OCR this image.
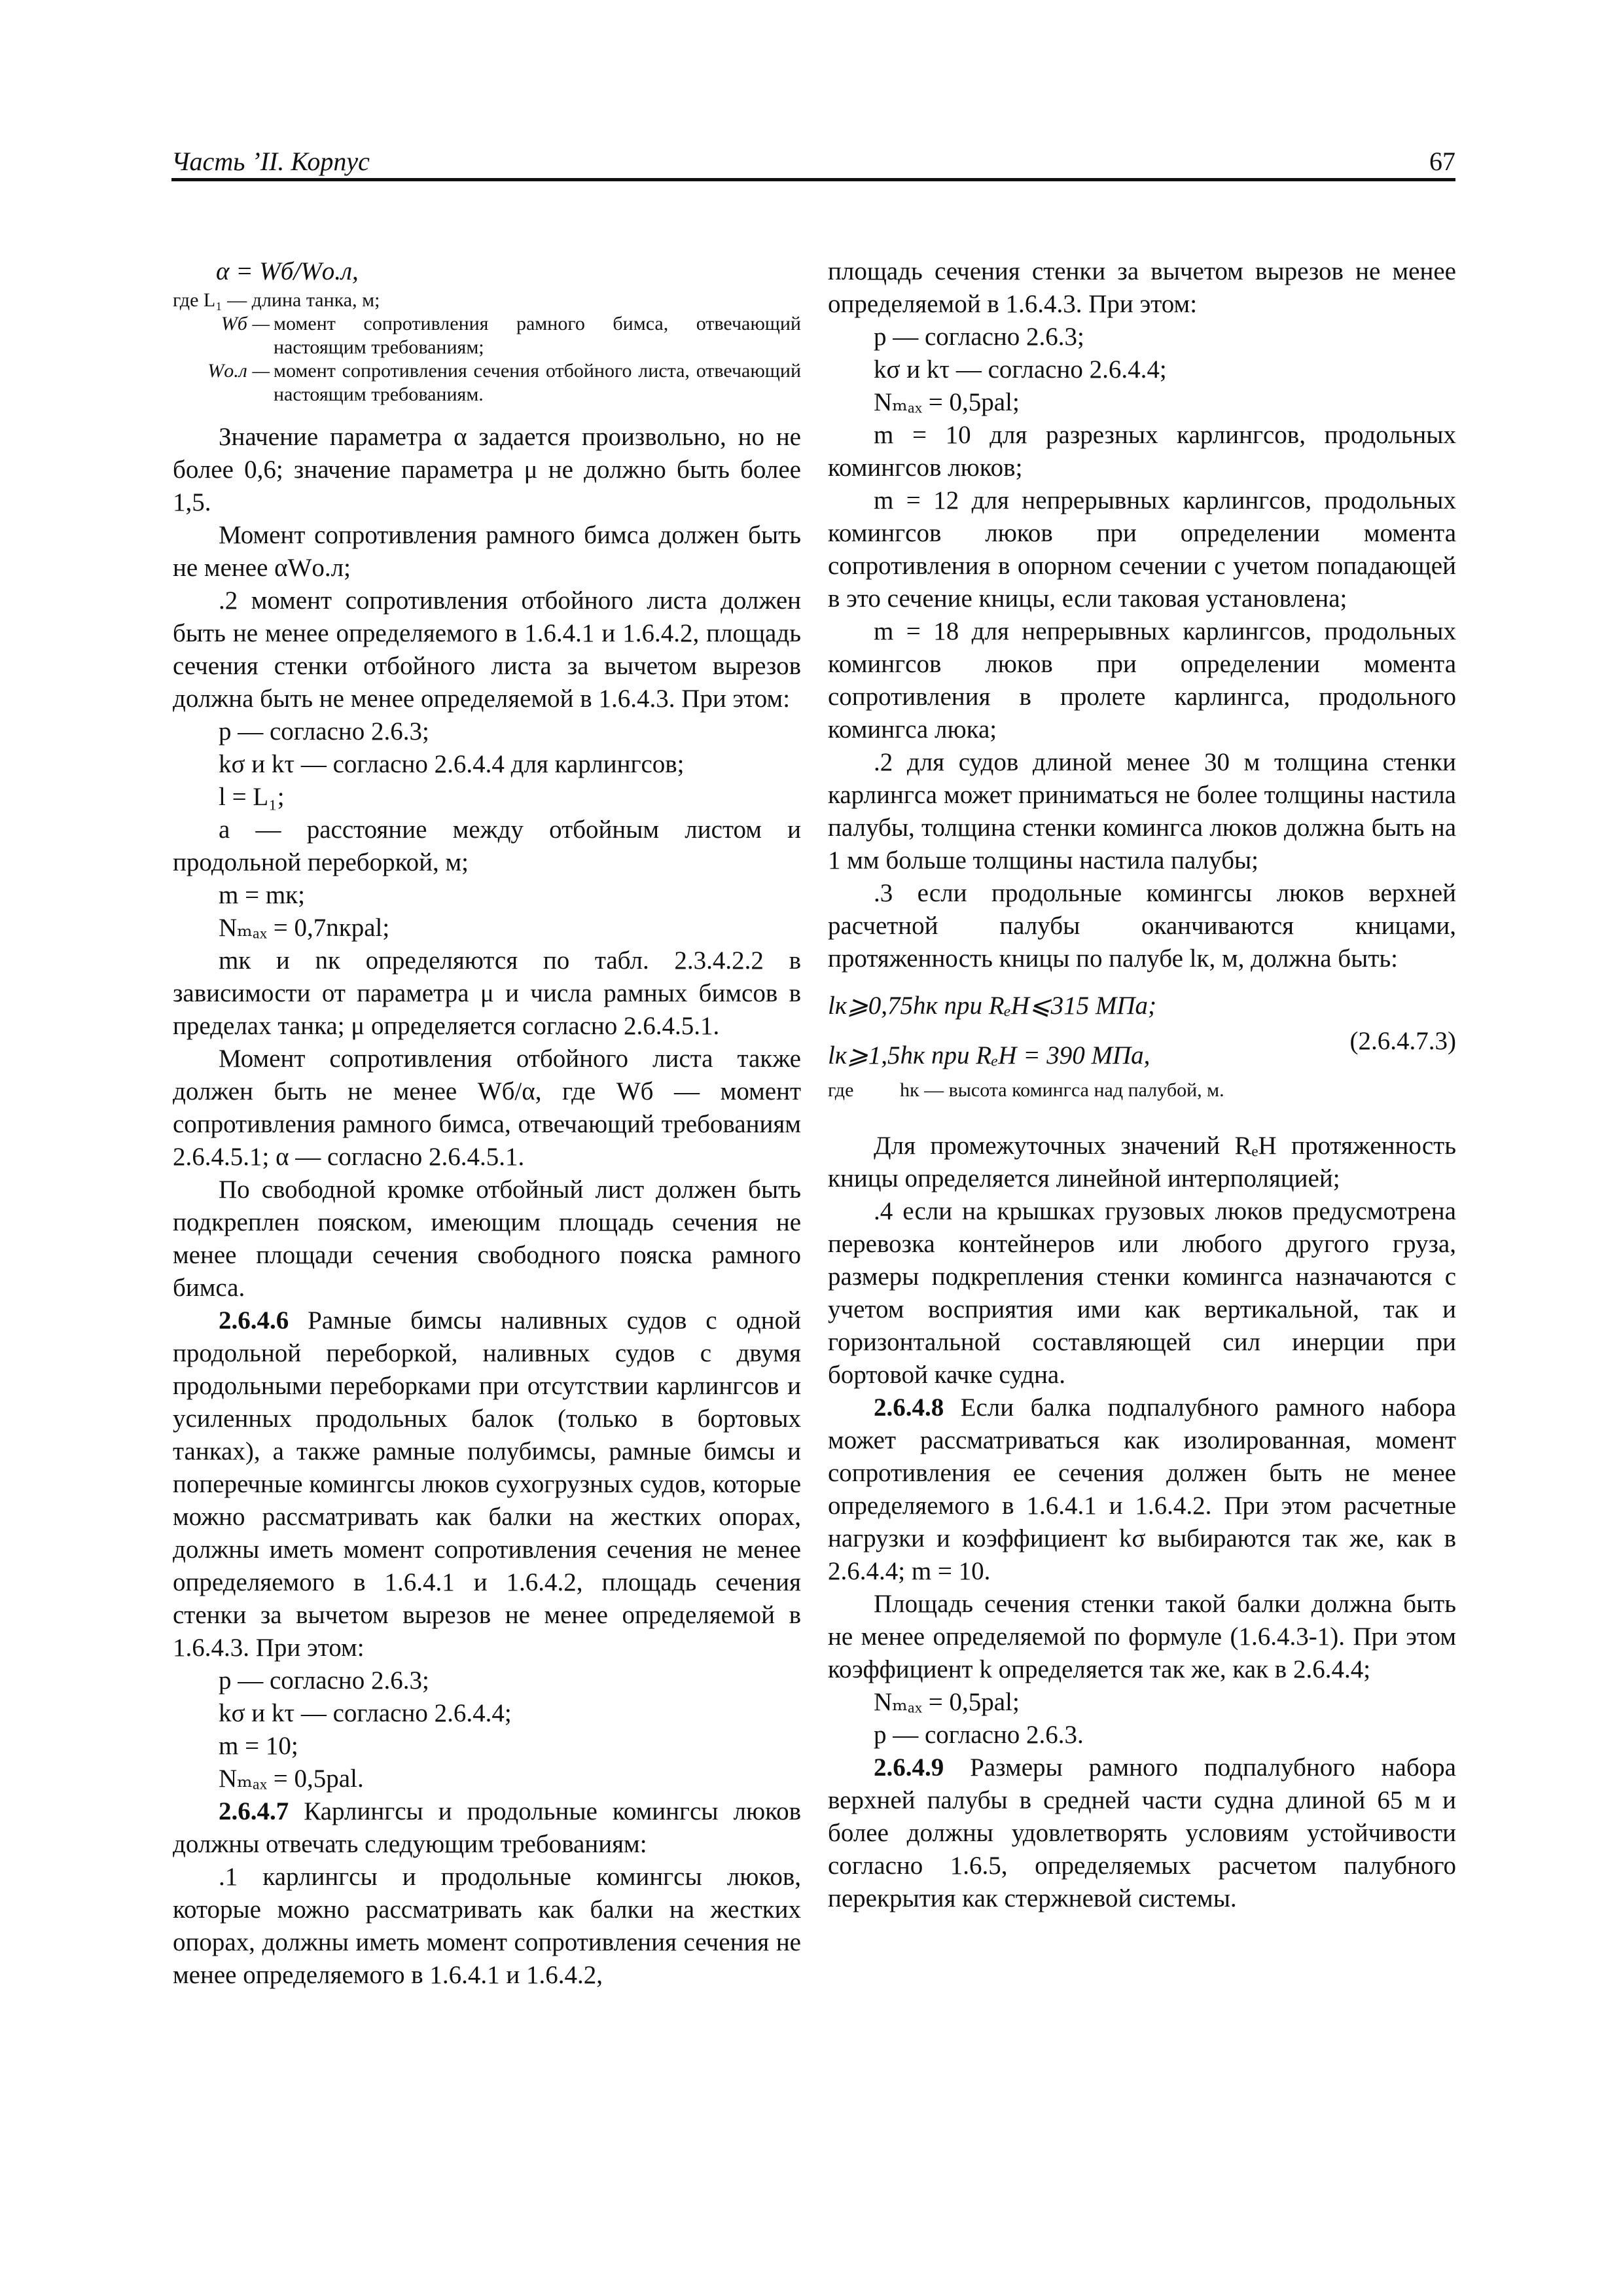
Часть ’II. Корпус	67

α = Wб/Wо.л,

где L₁ — длина танка, м;

Wб — момент сопротивления рамного бимса, отвечающий настоящим требованиям;
Wо.л — момент сопротивления сечения отбойного листа, отвечающий настоящим требованиям.

Значение параметра α задается произвольно, но не более 0,6; значение параметра μ не должно быть более 1,5.

Момент сопротивления рамного бимса должен быть не менее αWо.л;

.2 момент сопротивления отбойного листа должен быть не менее определяемого в 1.6.4.1 и 1.6.4.2, площадь сечения стенки отбойного листа за вычетом вырезов должна быть не менее определяемой в 1.6.4.3. При этом:

p — согласно 2.6.3;

kσ и kτ — согласно 2.6.4.4 для карлингсов;

l = L₁;

a — расстояние между отбойным листом и продольной переборкой, м;

m = mк;

Nₘₐₓ = 0,7nкpal;

mк и nк определяются по табл. 2.3.4.2.2 в зависимости от параметра μ и числа рамных бимсов в пределах танка; μ определяется согласно 2.6.4.5.1.

Момент сопротивления отбойного листа также должен быть не менее Wб/α, где Wб — момент сопротивления рамного бимса, отвечающий требованиям 2.6.4.5.1; α — согласно 2.6.4.5.1.

По свободной кромке отбойный лист должен быть подкреплен пояском, имеющим площадь сечения не менее площади сечения свободного пояска рамного бимса.

2.6.4.6 Рамные бимсы наливных судов с одной продольной переборкой, наливных судов с двумя продольными переборками при отсутствии карлингсов и усиленных продольных балок (только в бортовых танках), а также рамные полубимсы, рамные бимсы и поперечные комингсы люков сухогрузных судов, которые можно рассматривать как балки на жестких опорах, должны иметь момент сопротивления сечения не менее определяемого в 1.6.4.1 и 1.6.4.2, площадь сечения стенки за вычетом вырезов не менее определяемой в 1.6.4.3. При этом:

p — согласно 2.6.3;

kσ и kτ — согласно 2.6.4.4;

m = 10;

Nₘₐₓ = 0,5pal.

2.6.4.7 Карлингсы и продольные комингсы люков должны отвечать следующим требованиям:

.1 карлингсы и продольные комингсы люков, которые можно рассматривать как балки на жестких опорах, должны иметь момент сопротивления сечения не менее определяемого в 1.6.4.1 и 1.6.4.2,

площадь сечения стенки за вычетом вырезов не менее определяемой в 1.6.4.3. При этом:

p — согласно 2.6.3;

kσ и kτ — согласно 2.6.4.4;

Nₘₐₓ = 0,5pal;

m = 10 для разрезных карлингсов, продольных комингсов люков;

m = 12 для непрерывных карлингсов, продольных комингсов люков при определении момента сопротивления в опорном сечении с учетом попадающей в это сечение кницы, если таковая установлена;

m = 18 для непрерывных карлингсов, продольных комингсов люков при определении момента сопротивления в пролете карлингса, продольного комингса люка;

.2 для судов длиной менее 30 м толщина стенки карлингса может приниматься не более толщины настила палубы, толщина стенки комингса люков должна быть на 1 мм больше толщины настила палубы;

.3 если продольные комингсы люков верхней расчетной палубы оканчиваются кницами, протяженность кницы по палубе lк, м, должна быть:

lк⩾0,75hк при RₑH⩽315 МПа;
(2.6.4.7.3)

lк⩾1,5hк при RₑH = 390 МПа,

где	hк — высота комингса над палубой, м.

Для промежуточных значений RₑH протяженность кницы определяется линейной интерполяцией;

.4 если на крышках грузовых люков предусмотрена перевозка контейнеров или любого другого груза, размеры подкрепления стенки комингса назначаются с учетом восприятия ими как вертикальной, так и горизонтальной составляющей сил инерции при бортовой качке судна.

2.6.4.8 Если балка подпалубного рамного набора может рассматриваться как изолированная, момент сопротивления ее сечения должен быть не менее определяемого в 1.6.4.1 и 1.6.4.2. При этом расчетные нагрузки и коэффициент kσ выбираются так же, как в 2.6.4.4; m = 10.

Площадь сечения стенки такой балки должна быть не менее определяемой по формуле (1.6.4.3-1). При этом коэффициент k определяется так же, как в 2.6.4.4;

Nₘₐₓ = 0,5pal;

p — согласно 2.6.3.

2.6.4.9 Размеры рамного подпалубного набора верхней палубы в средней части судна длиной 65 м и более должны удовлетворять условиям устойчивости согласно 1.6.5, определяемых расчетом палубного перекрытия как стержневой системы.
